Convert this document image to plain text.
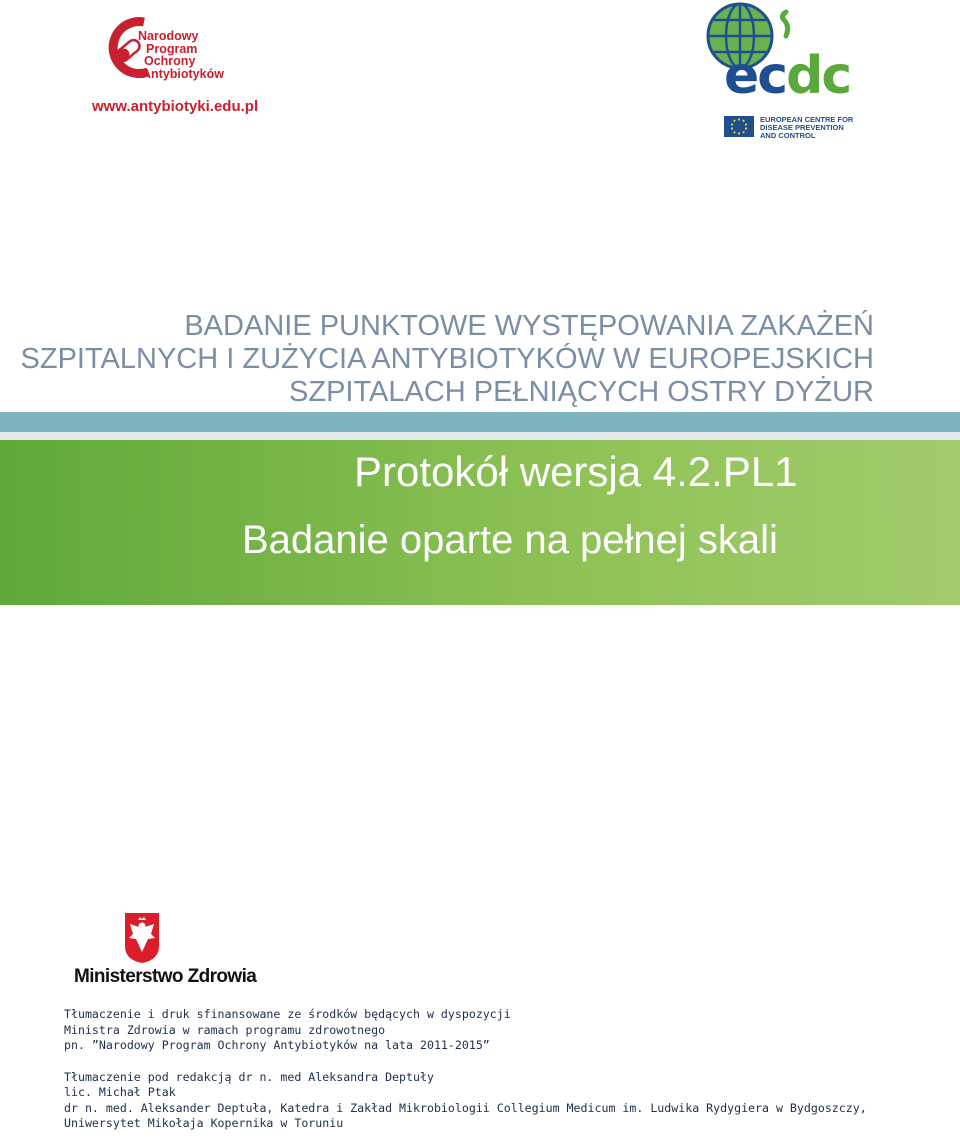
Narodowy
Program
Ochrony
Antybiotyków
www.antybiotyki.edu.pl
ecdc
EUROPEAN CENTRE FOR
DISEASE PREVENTION
AND CONTROL
BADANIE PUNKTOWE WYSTĘPOWANIA ZAKAŻEŃ
SZPITALNYCH I ZUŻYCIA ANTYBIOTYKÓW W EUROPEJSKICH
SZPITALACH PEŁNIĄCYCH OSTRY DYŻUR
Protokół wersja 4.2.PL1
Badanie oparte na pełnej skali
Ministerstwo Zdrowia
Tłumaczenie i druk sfinansowane ze środków będących w dyspozycji
Ministra Zdrowia w ramach programu zdrowotnego
pn. ”Narodowy Program Ochrony Antybiotyków na lata 2011-2015”
Tłumaczenie pod redakcją dr n. med Aleksandra Deptuły
lic. Michał Ptak
dr n. med. Aleksander Deptuła, Katedra i Zakład Mikrobiologii Collegium Medicum im. Ludwika Rydygiera w Bydgoszczy,
Uniwersytet Mikołaja Kopernika w Toruniu
